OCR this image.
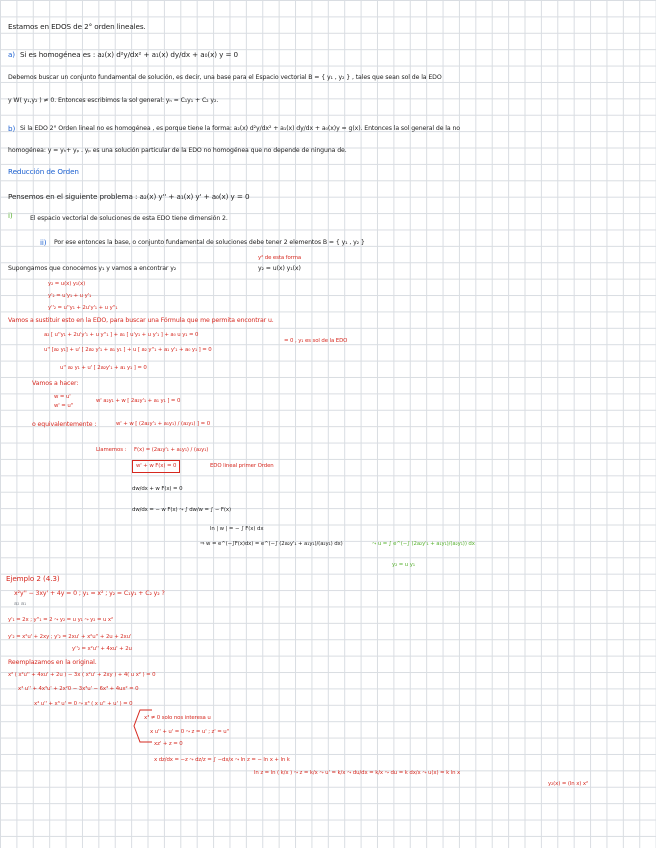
Estamos en EDOS de 2° orden lineales.
a) Si es homogénea es : a₂(x) d²y/dx² + a₁(x) dy/dx + a₀(x) y = 0
Debemos buscar un conjunto fundamental de solución, es decir, una base para el Espacio vectorial B = { y₁ , y₂ } , tales que sean sol de la EDO
y W( y₁,y₂ ) ≠ 0. Entonces escribimos la sol general: yₕ = C₁y₁ + C₂ y₂.
b) Si la EDO 2° Orden lineal no es homogénea , es porque tiene la forma: a₂(x) d²y/dx² + a₁(x) dy/dx + a₀(x)y = g(x). Entonces la sol general de la no
homogénea: y = yₕ+ yₚ . yₚ es una solución particular de la EDO no homogénea que no depende de ninguna de.
Reducción de Orden
Pensemos en el siguiente problema : a₂(x) y'' + a₁(x) y' + a₀(x) y = 0
i)	El espacio vectorial de soluciones de esta EDO tiene dimensión 2.
ii) Por ese entonces la base, o conjunto fundamental de soluciones debe tener 2 elementos B = { y₁ , y₂ }
Supongamos que conocemos y₁ y vamos a encontrar y₂
y² de esta forma
y₂ = u(x) y₁(x)
y₂ = u(x) y₁(x)
y'₂ = u'y₁ + u y'₁
y''₂ = u''y₁ + 2u'y'₁ + u y''₁
Vamos a sustituir esto en la EDO, para buscar una Fórmula que me permita encontrar u.
a₂ [ u''y₁ + 2u'y'₁ + u y''₁ ] + a₁ [ u'y₁ + u y'₁ ] + a₀ u y₁ = 0
u'' [a₂ y₁] + u' [ 2a₂ y'₁ + a₁ y₁ ] + u [ a₂ y''₁ + a₁ y'₁ + a₀ y₁ ] = 0
= 0 , y₁ es sol de la EDO
u'' a₂ y₁ + u' [ 2a₂y'₁ + a₁ y₁ ] = 0
Vamos a hacer:
w = u'
w' = u''
w' a₂y₁ + w [ 2a₂y'₁ + a₁ y₁ ] = 0
o equivalentemente :	w' + w [ (2a₂y'₁ + a₁y₁) / (a₂y₁) ] = 0
Llamemos : F(x) = (2a₂y'₁ + a₁y₁) / (a₂y₁)
w' + w F(x) = 0	EDO lineal primer Orden
dw/dx + w F(x) = 0
dw/dx = − w F(x) ⤳ ∫ dw/w = ∫ − F(x)
ln | w | = − ∫ F(x) dx
⇒ w = e^(−∫F(x)dx) = e^(−∫ (2a₂y'₁ + a₁y₁)/(a₂y₁) dx)	⤳ u = ∫ e^(−∫ (2a₂y'₁ + a₁y₁)/(a₂y₁)) dx
y₂ = u y₁
Ejemplo 2 (4.3)
x²y'' − 3xy' + 4y = 0 ; y₁ = x² ; y₂ = C₁y₁ + C₂ y₂ ?
a₂ a₁
y'₁ = 2x ; y''₁ = 2 ⤳ y₂ = u y₁ ⤳ y₂ = u x²
y'₂ = x²u' + 2xy ; y'₂ = 2xu' + x²u'' + 2u + 2xu'
y''₂ = x²u'' + 4xu' + 2u
Reemplazamos en la original.
x² ( x²u'' + 4xu' + 2u ) − 3x ( x²u' + 2xy ) + 4( u x² ) = 0
x⁴ u'' + 4x³u' + 2x²0 − 3x³u' − 6x³ + 4ux² = 0
x⁴ u'' + x³ u' = 0 ⤳ x³ ( x u'' + u' ) = 0
x³ ≠ 0 solo nos interesa u
x u'' + u' = 0 ⤳ z = u' ; z' = u''
xz' + z = 0
x dz/dx = −z ⤳ dz/z = ∫ −dx/x ⤳ ln z = − ln x + ln k
ln z = ln ( k/x ) ⤳ z = k/x ⤳ u' = k/x ⤳ du/dx = k/x ⤳ du = k dx/x ⤳ u(x) = k ln x
y₂(x) = (ln x) x²
